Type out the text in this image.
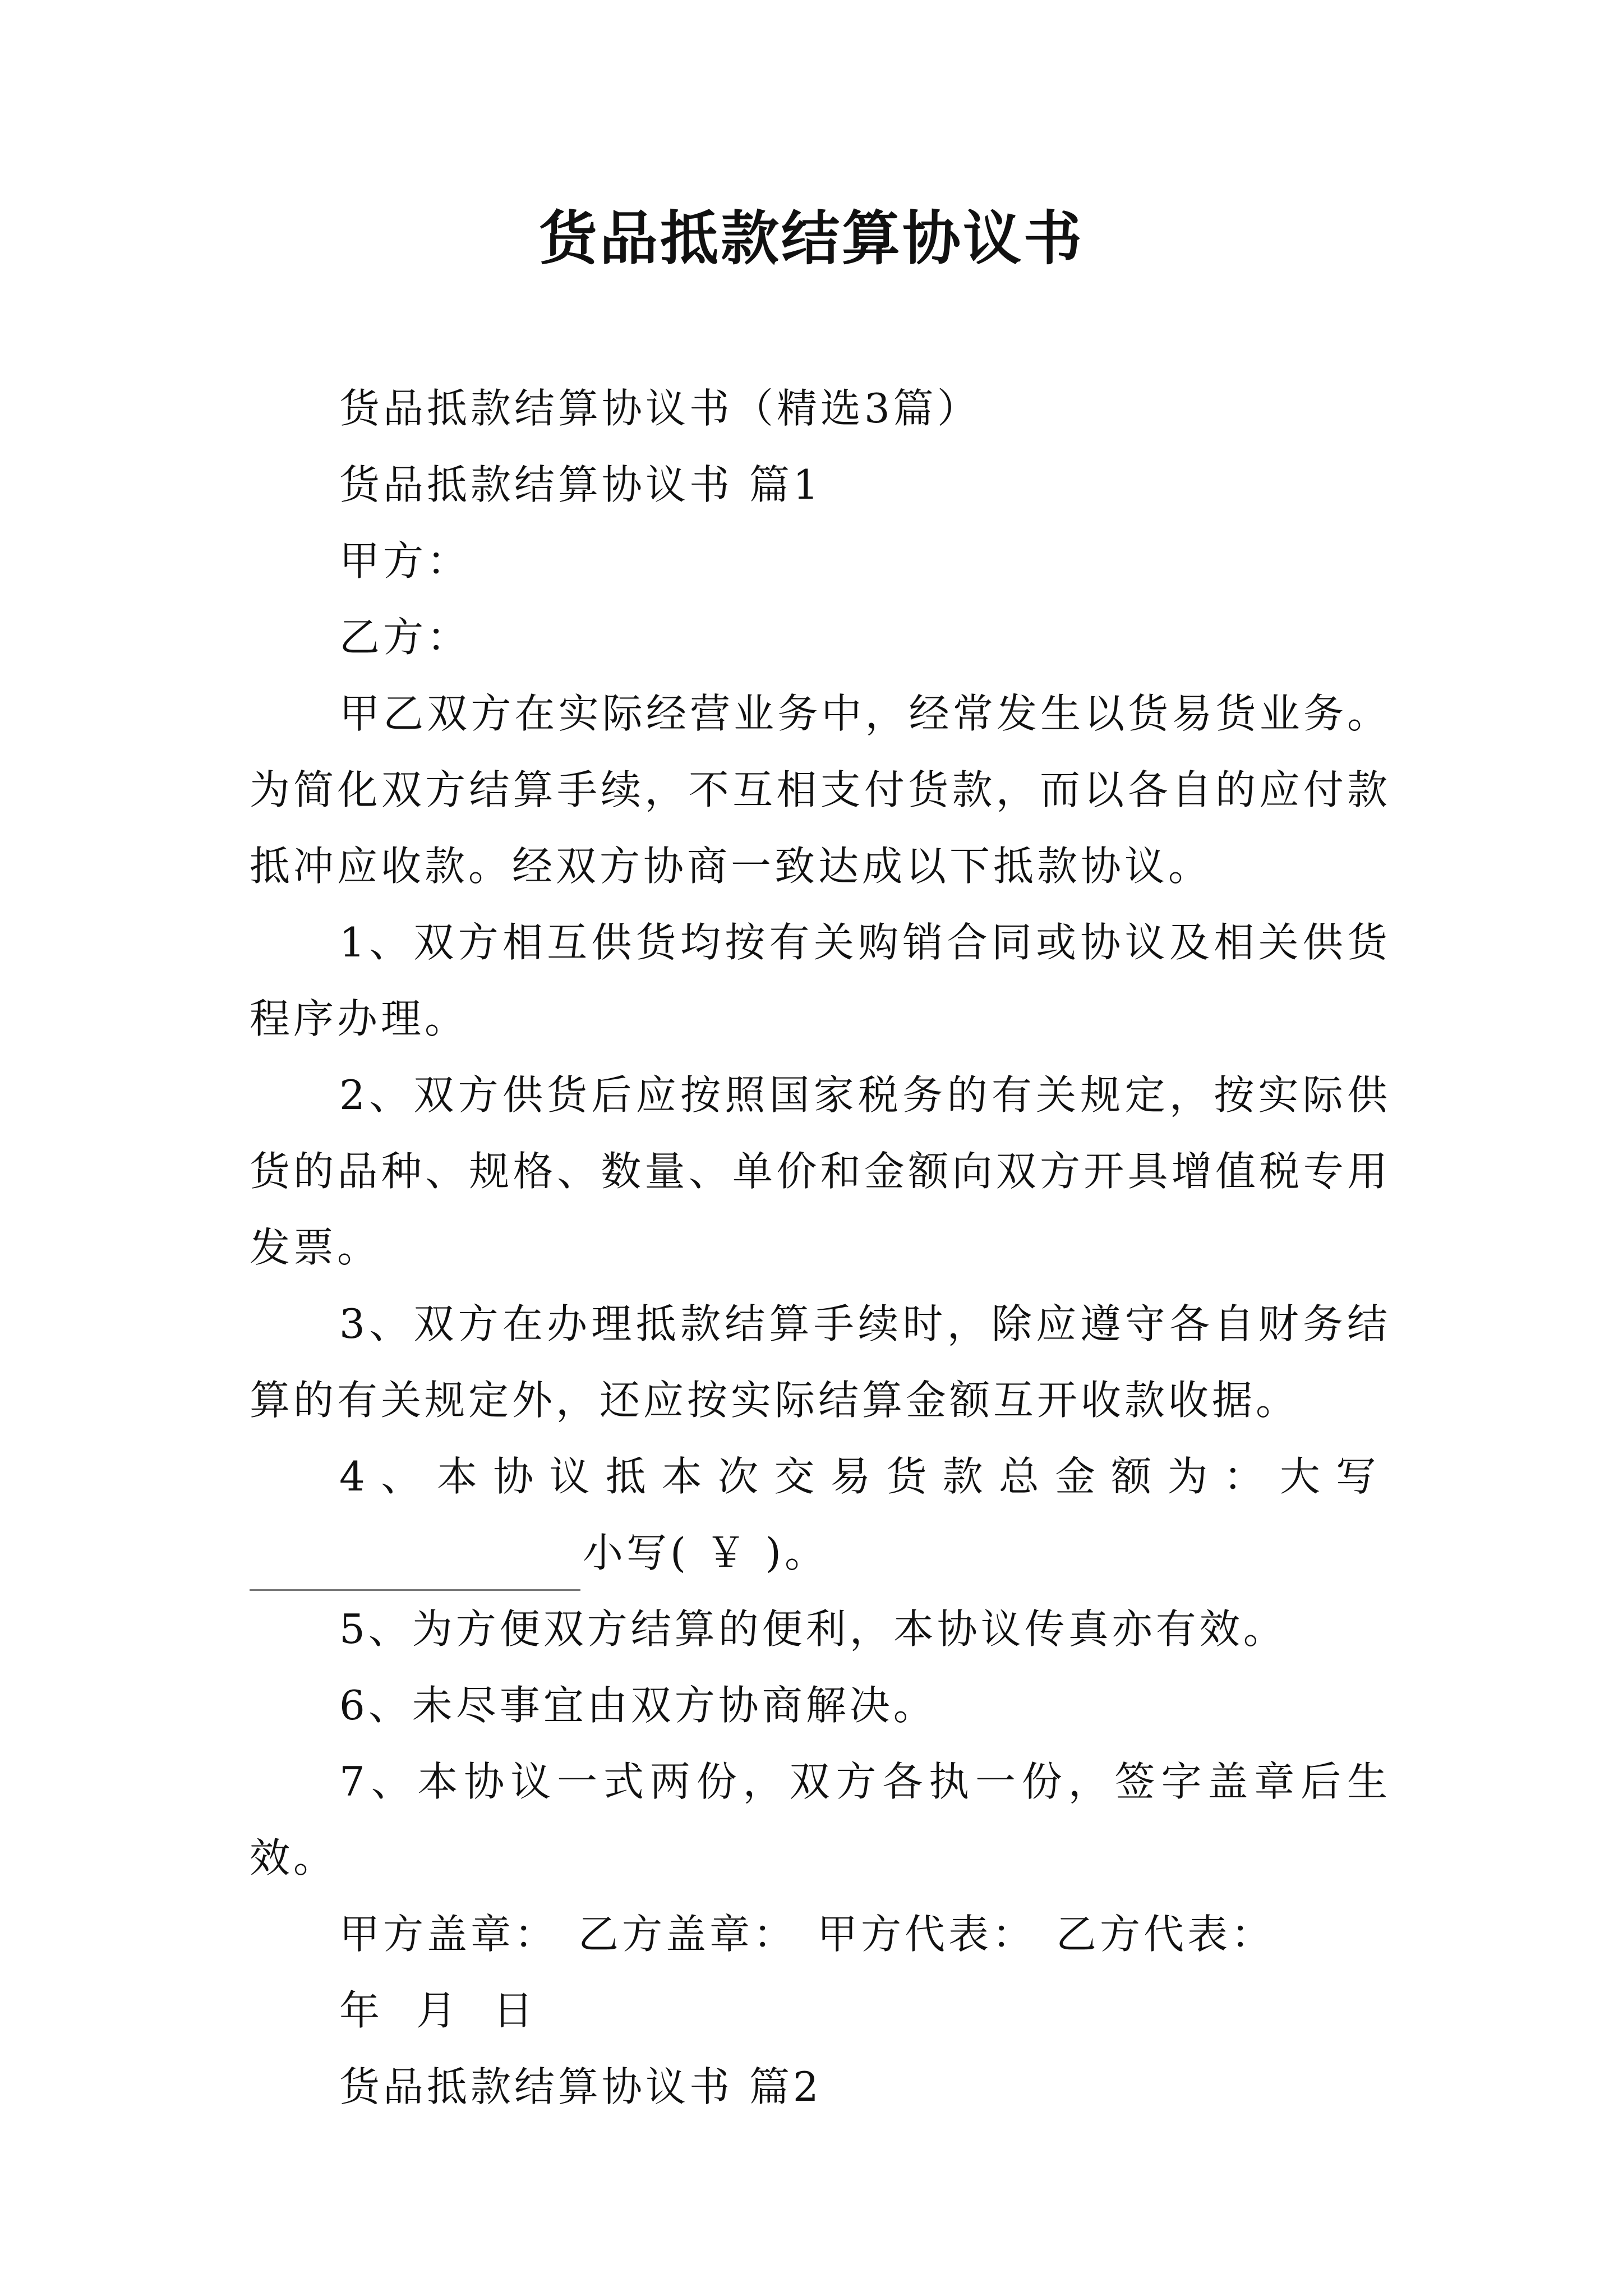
货品抵款结算协议书

货品抵款结算协议书（精选3篇）

货品抵款结算协议书 篇1

甲方：

乙方：

甲乙双方在实际经营业务中，经常发生以货易货业务。为简化双方结算手续，不互相支付货款，而以各自的应付款抵冲应收款。经双方协商一致达成以下抵款协议。

1、双方相互供货均按有关购销合同或协议及相关供货程序办理。

2、双方供货后应按照国家税务的有关规定，按实际供货的品种、规格、数量、单价和金额向双方开具增值税专用发票。

3、双方在办理抵款结算手续时，除应遵守各自财务结算的有关规定外，还应按实际结算金额互开收款收据。

4、本协议抵本次交易货款总金额为：大写

小写( ￥ )。

5、为方便双方结算的便利，本协议传真亦有效。

6、未尽事宜由双方协商解决。

7、本协议一式两份，双方各执一份，签字盖章后生效。

甲方盖章： 乙方盖章： 甲方代表： 乙方代表：

年 月 日

货品抵款结算协议书 篇2
